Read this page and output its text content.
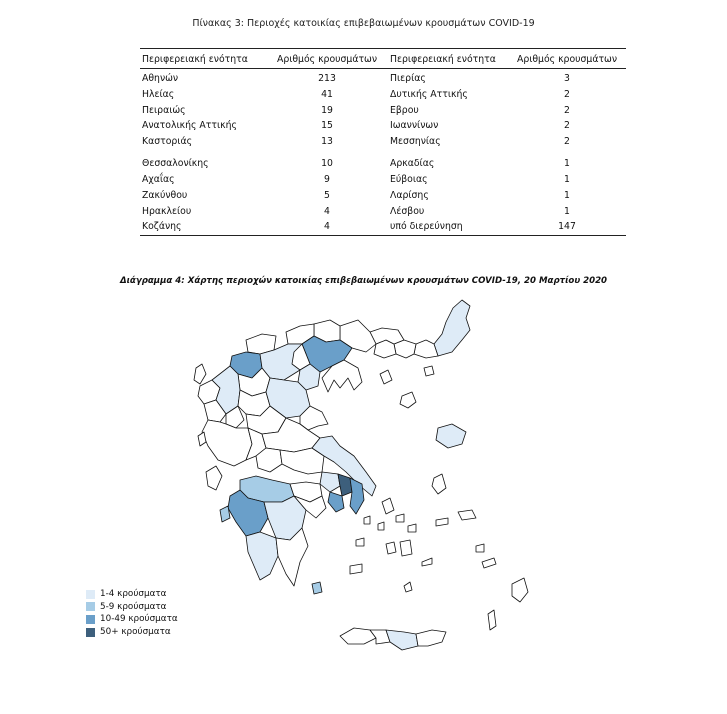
Πίνακας 3: Περιοχές κατοικίας επιβεβαιωμένων κρουσμάτων COVID-19
Περιφερειακή ενότητα	Αριθμός κρουσμάτων	Περιφερειακή ενότητα	Αριθμός κρουσμάτων
Αθηνών	213	Πιερίας	3
Ηλείας	41	Δυτικής Αττικής	2
Πειραιώς	19	Εβρου	2
Ανατολικής Αττικής	15	Ιωαννίνων	2
Καστοριάς	13	Μεσσηνίας	2
Θεσσαλονίκης	10	Αρκαδίας	1
Αχαΐας	9	Εύβοιας	1
Ζακύνθου	5	Λαρίσης	1
Ηρακλείου	4	Λέσβου	1
Κοζάνης	4	υπό διερεύνηση	147
Διάγραμμα 4: Χάρτης περιοχών κατοικίας επιβεβαιωμένων κρουσμάτων COVID-19, 20 Μαρτίου 2020
1-4 κρούσματα
5-9 κρούσματα
10-49 κρούσματα
50+ κρούσματα
